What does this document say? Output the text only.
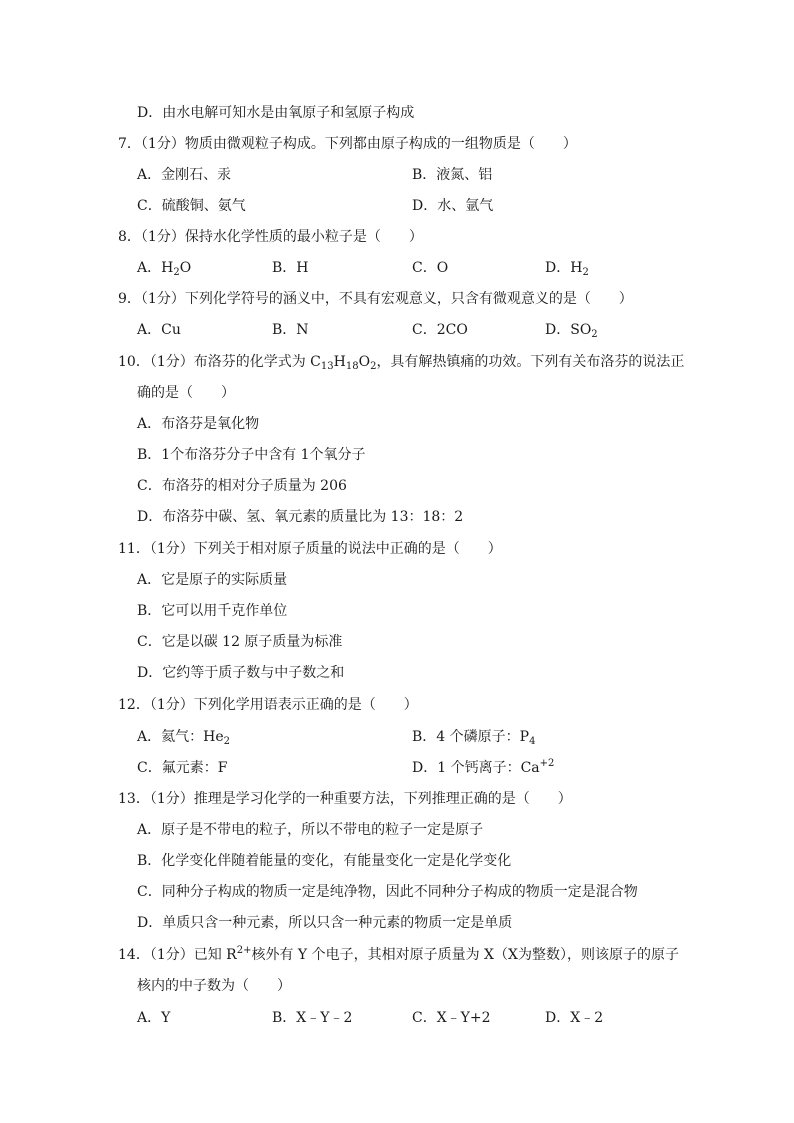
D．由水电解可知水是由氧原子和氢原子构成
7．（1分）物质由微观粒子构成。下列都由原子构成的一组物质是（　　）
A．金刚石、汞	B．液氮、铝
C．硫酸铜、氨气	D．水、氩气
8．（1分）保持水化学性质的最小粒子是（　　）
A．$H_2O$	B．H	C．O	D．$H_2$
9．（1分）下列化学符号的涵义中，不具有宏观意义，只含有微观意义的是（　　）
A．Cu	B．N	C．2CO	D．$SO_2$
10．（1分）布洛芬的化学式为 $C_{13}H_{18}O_2$，具有解热镇痛的功效。下列有关布洛芬的说法正
确的是（　　）
A．布洛芬是氧化物
B．1个布洛芬分子中含有 1个氧分子
C．布洛芬的相对分子质量为 206
D．布洛芬中碳、氢、氧元素的质量比为 13：18：2
11．（1分）下列关于相对原子质量的说法中正确的是（　　）
A．它是原子的实际质量
B．它可以用千克作单位
C．它是以碳 12 原子质量为标准
D．它约等于质子数与中子数之和
12．（1分）下列化学用语表示正确的是（　　）
A．氦气：$He_2$	B．4 个磷原子：$P_4$
C．氟元素：F	D．1 个钙离子：$Ca^{+2}$
13．（1分）推理是学习化学的一种重要方法，下列推理正确的是（　　）
A．原子是不带电的粒子，所以不带电的粒子一定是原子
B．化学变化伴随着能量的变化，有能量变化一定是化学变化
C．同种分子构成的物质一定是纯净物，因此不同种分子构成的物质一定是混合物
D．单质只含一种元素，所以只含一种元素的物质一定是单质
14．（1分）已知 $R^{2+}$核外有 Y 个电子，其相对原子质量为 X（X为整数），则该原子的原子
核内的中子数为（　　）
A．Y	B．X﹣Y﹣2	C．X﹣Y+2	D．X﹣2
